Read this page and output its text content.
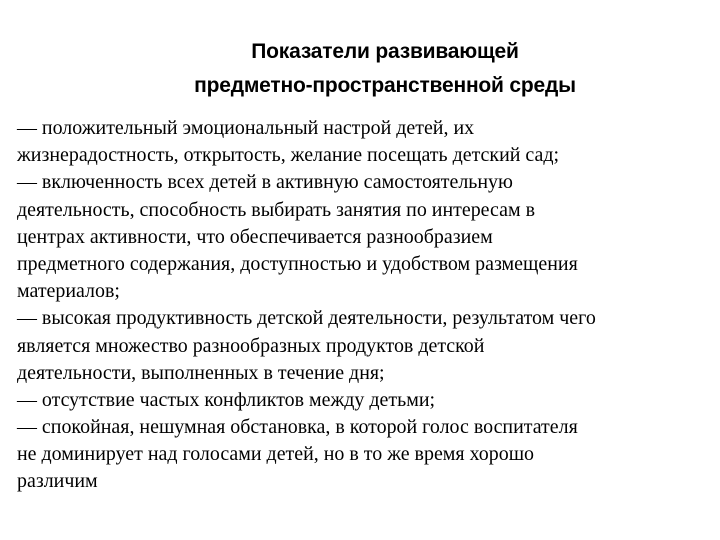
Показатели развивающей
предметно-пространственной среды
— положительный эмоциональный настрой детей, их
жизнерадостность, открытость, желание посещать детский сад;
— включенность всех детей в активную самостоятельную
деятельность, способность выбирать занятия по интересам в
центрах активности, что обеспечивается разнообразием
предметного содержания, доступностью и удобством размещения
материалов;
— высокая продуктивность детской деятельности, результатом чего
является множество разнообразных продуктов детской
деятельности, выполненных в течение дня;
— отсутствие частых конфликтов между детьми;
— спокойная, нешумная обстановка, в которой голос воспитателя
не доминирует над голосами детей, но в то же время хорошо
различим
